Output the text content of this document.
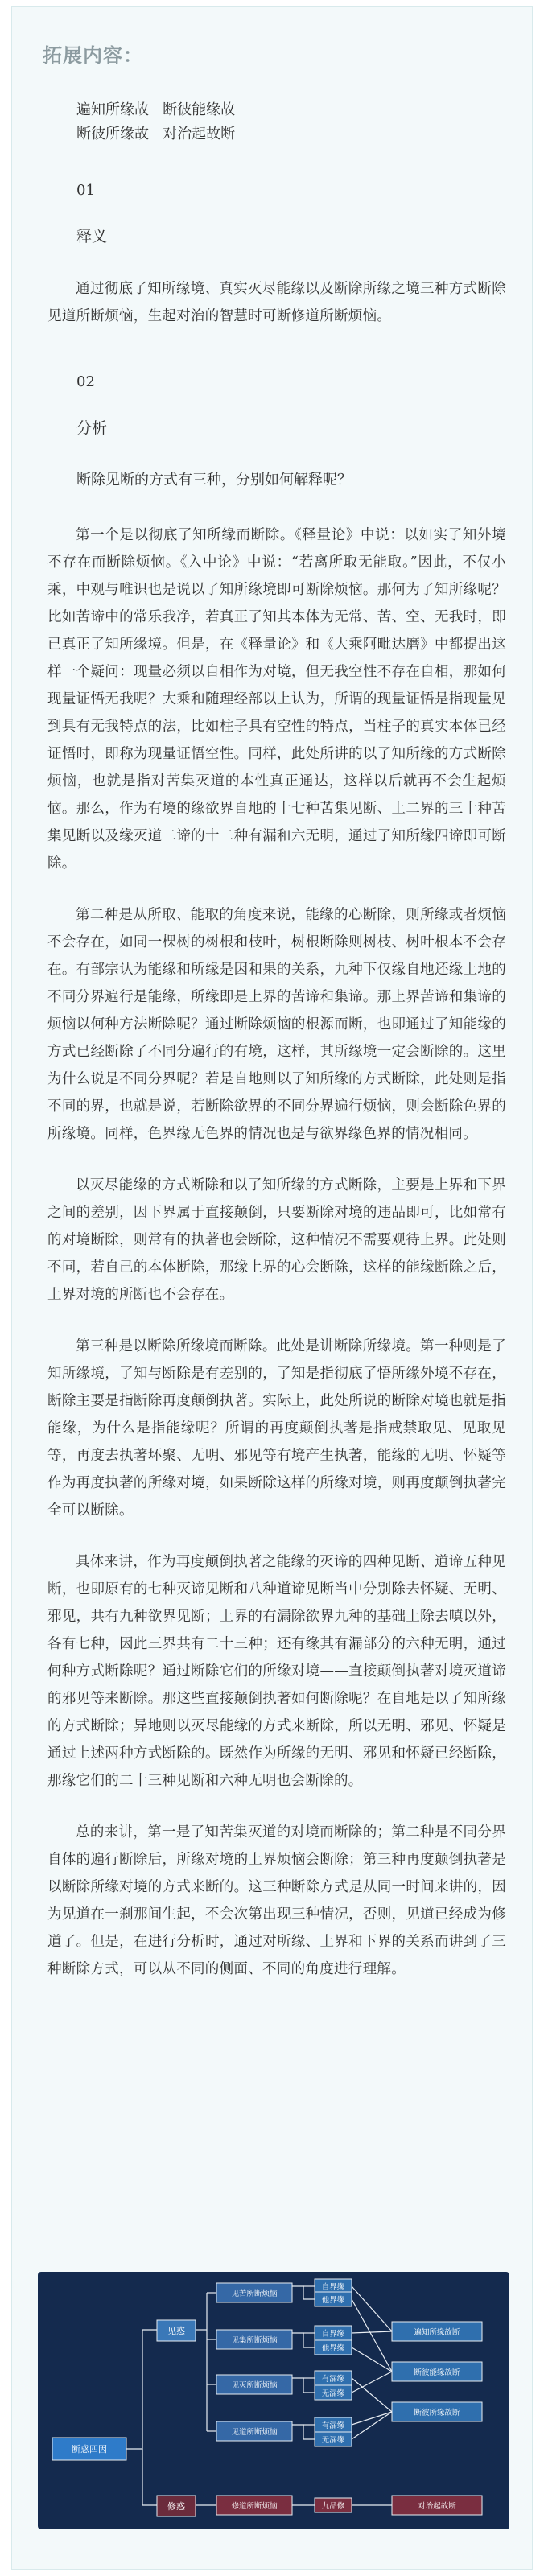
拓展内容：
遍知所缘故   断彼能缘故
断彼所缘故   对治起故断
01
释义

通过彻底了知所缘境、真实灭尽能缘以及断除所缘之境三种方式断除见道所断烦恼，生起对治的智慧时可断修道所断烦恼。

02
分析
断除见断的方式有三种，分别如何解释呢？

第一个是以彻底了知所缘而断除。《释量论》中说：以如实了知外境不存在而断除烦恼。《入中论》中说：“若离所取无能取。”因此，不仅小乘，中观与唯识也是说以了知所缘境即可断除烦恼。那何为了知所缘呢？比如苦谛中的常乐我净，若真正了知其本体为无常、苦、空、无我时，即已真正了知所缘境。但是，在《释量论》和《大乘阿毗达磨》中都提出这样一个疑问：现量必须以自相作为对境，但无我空性不存在自相，那如何现量证悟无我呢？大乘和随理经部以上认为，所谓的现量证悟是指现量见到具有无我特点的法，比如柱子具有空性的特点，当柱子的真实本体已经证悟时，即称为现量证悟空性。同样，此处所讲的以了知所缘的方式断除烦恼，也就是指对苦集灭道的本性真正通达，这样以后就再不会生起烦恼。那么，作为有境的缘欲界自地的十七种苦集见断、上二界的三十种苦集见断以及缘灭道二谛的十二种有漏和六无明，通过了知所缘四谛即可断除。

第二种是从所取、能取的角度来说，能缘的心断除，则所缘或者烦恼不会存在，如同一棵树的树根和枝叶，树根断除则树枝、树叶根本不会存在。有部宗认为能缘和所缘是因和果的关系，九种下仅缘自地还缘上地的不同分界遍行是能缘，所缘即是上界的苦谛和集谛。那上界苦谛和集谛的烦恼以何种方法断除呢？通过断除烦恼的根源而断，也即通过了知能缘的方式已经断除了不同分遍行的有境，这样，其所缘境一定会断除的。这里为什么说是不同分界呢？若是自地则以了知所缘的方式断除，此处则是指不同的界，也就是说，若断除欲界的不同分界遍行烦恼，则会断除色界的所缘境。同样，色界缘无色界的情况也是与欲界缘色界的情况相同。

以灭尽能缘的方式断除和以了知所缘的方式断除，主要是上界和下界之间的差别，因下界属于直接颠倒，只要断除对境的违品即可，比如常有的对境断除，则常有的执著也会断除，这种情况不需要观待上界。此处则不同，若自己的本体断除，那缘上界的心会断除，这样的能缘断除之后，上界对境的所断也不会存在。

第三种是以断除所缘境而断除。此处是讲断除所缘境。第一种则是了知所缘境，了知与断除是有差别的，了知是指彻底了悟所缘外境不存在，断除主要是指断除再度颠倒执著。实际上，此处所说的断除对境也就是指能缘，为什么是指能缘呢？所谓的再度颠倒执著是指戒禁取见、见取见等，再度去执著坏聚、无明、邪见等有境产生执著，能缘的无明、怀疑等作为再度执著的所缘对境，如果断除这样的所缘对境，则再度颠倒执著完全可以断除。

具体来讲，作为再度颠倒执著之能缘的灭谛的四种见断、道谛五种见断，也即原有的七种灭谛见断和八种道谛见断当中分别除去怀疑、无明、邪见，共有九种欲界见断；上界的有漏除欲界九种的基础上除去嗔以外，各有七种，因此三界共有二十三种；还有缘其有漏部分的六种无明，通过何种方式断除呢？通过断除它们的所缘对境——直接颠倒执著对境灭道谛的邪见等来断除。那这些直接颠倒执著如何断除呢？在自地是以了知所缘的方式断除；异地则以灭尽能缘的方式来断除，所以无明、邪见、怀疑是通过上述两种方式断除的。既然作为所缘的无明、邪见和怀疑已经断除，那缘它们的二十三种见断和六种无明也会断除的。

总的来讲，第一是了知苦集灭道的对境而断除的；第二种是不同分界自体的遍行断除后，所缘对境的上界烦恼会断除；第三种再度颠倒执著是以断除所缘对境的方式来断的。这三种断除方式是从同一时间来讲的，因为见道在一刹那间生起，不会次第出现三种情况，否则，见道已经成为修道了。但是，在进行分析时，通过对所缘、上界和下界的关系而讲到了三种断除方式，可以从不同的侧面、不同的角度进行理解。

断惑四因
见惑
修惑
见苦所断烦恼
见集所断烦恼
见灭所断烦恼
见道所断烦恼
修道所断烦恼
自界缘
他界缘
自界缘
他界缘
有漏缘
无漏缘
有漏缘
无漏缘
九品修
遍知所缘故断
断彼能缘故断
断彼所缘故断
对治起故断
